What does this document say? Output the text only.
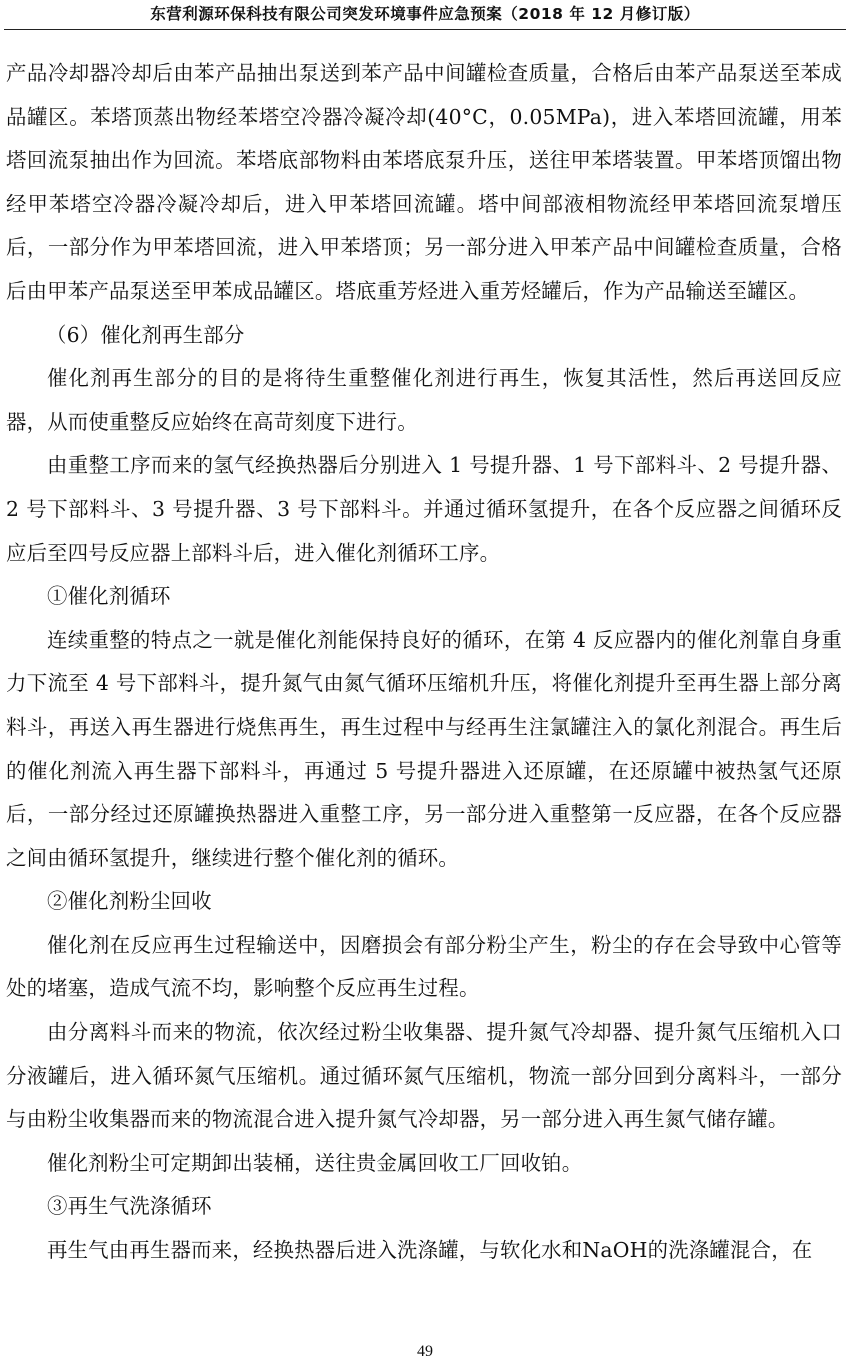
东营利源环保科技有限公司突发环境事件应急预案（2018 年 12 月修订版）

产品冷却器冷却后由苯产品抽出泵送到苯产品中间罐检查质量，合格后由苯产品泵送至苯成品罐区。苯塔顶蒸出物经苯塔空冷器冷凝冷却(40°C，0.05MPa)，进入苯塔回流罐，用苯塔回流泵抽出作为回流。苯塔底部物料由苯塔底泵升压，送往甲苯塔装置。甲苯塔顶馏出物经甲苯塔空冷器冷凝冷却后，进入甲苯塔回流罐。塔中间部液相物流经甲苯塔回流泵增压后，一部分作为甲苯塔回流，进入甲苯塔顶；另一部分进入甲苯产品中间罐检查质量，合格后由甲苯产品泵送至甲苯成品罐区。塔底重芳烃进入重芳烃罐后，作为产品输送至罐区。

（6）催化剂再生部分

催化剂再生部分的目的是将待生重整催化剂进行再生，恢复其活性，然后再送回反应器，从而使重整反应始终在高苛刻度下进行。

由重整工序而来的氢气经换热器后分别进入 1 号提升器、1 号下部料斗、2 号提升器、2 号下部料斗、3 号提升器、3 号下部料斗。并通过循环氢提升，在各个反应器之间循环反应后至四号反应器上部料斗后，进入催化剂循环工序。

①催化剂循环

连续重整的特点之一就是催化剂能保持良好的循环，在第 4 反应器内的催化剂靠自身重力下流至 4 号下部料斗，提升氮气由氮气循环压缩机升压，将催化剂提升至再生器上部分离料斗，再送入再生器进行烧焦再生，再生过程中与经再生注氯罐注入的氯化剂混合。再生后的催化剂流入再生器下部料斗，再通过 5 号提升器进入还原罐，在还原罐中被热氢气还原后，一部分经过还原罐换热器进入重整工序，另一部分进入重整第一反应器，在各个反应器之间由循环氢提升，继续进行整个催化剂的循环。

②催化剂粉尘回收

催化剂在反应再生过程输送中，因磨损会有部分粉尘产生，粉尘的存在会导致中心管等处的堵塞，造成气流不均，影响整个反应再生过程。

由分离料斗而来的物流，依次经过粉尘收集器、提升氮气冷却器、提升氮气压缩机入口分液罐后，进入循环氮气压缩机。通过循环氮气压缩机，物流一部分回到分离料斗，一部分与由粉尘收集器而来的物流混合进入提升氮气冷却器，另一部分进入再生氮气储存罐。

催化剂粉尘可定期卸出装桶，送往贵金属回收工厂回收铂。

③再生气洗涤循环

再生气由再生器而来，经换热器后进入洗涤罐，与软化水和NaOH的洗涤罐混合，在

49
